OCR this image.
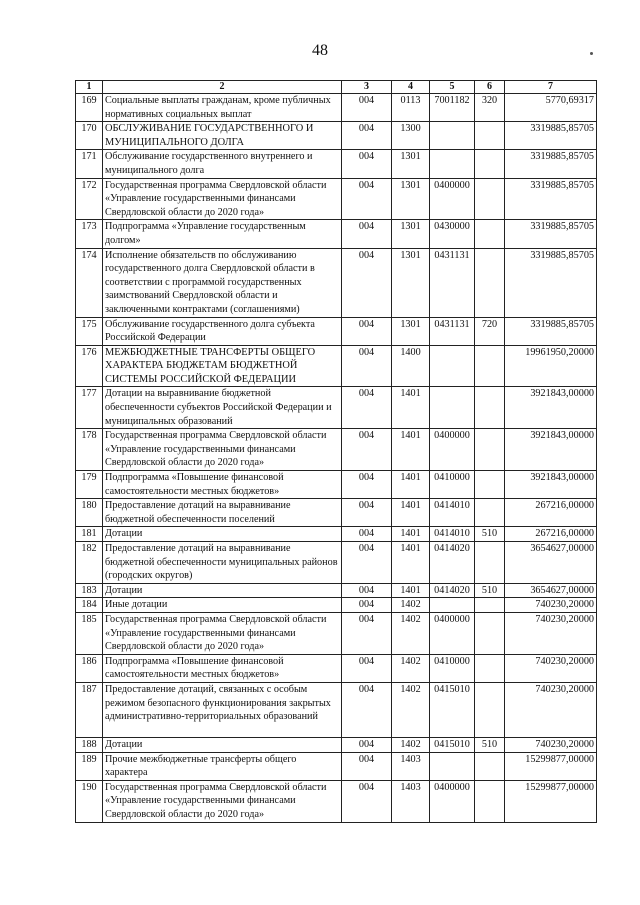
48
1	2	3	4	5	6	7
169	Социальные выплаты гражданам, кроме публичных нормативных социальных выплат	004	0113	7001182	320	5770,69317
170	ОБСЛУЖИВАНИЕ ГОСУДАРСТВЕННОГО И МУНИЦИПАЛЬНОГО ДОЛГА	004	1300			3319885,85705
171	Обслуживание государственного внутреннего и муниципального долга	004	1301			3319885,85705
172	Государственная программа Свердловской области «Управление государственными финансами Свердловской области до 2020 года»	004	1301	0400000		3319885,85705
173	Подпрограмма «Управление государственным долгом»	004	1301	0430000		3319885,85705
174	Исполнение обязательств по обслуживанию государственного долга Свердловской области в соответствии с программой государственных заимствований Свердловской области и заключенными контрактами (соглашениями)	004	1301	0431131		3319885,85705
175	Обслуживание государственного долга субъекта Российской Федерации	004	1301	0431131	720	3319885,85705
176	МЕЖБЮДЖЕТНЫЕ ТРАНСФЕРТЫ ОБЩЕГО ХАРАКТЕРА БЮДЖЕТАМ БЮДЖЕТНОЙ СИСТЕМЫ РОССИЙСКОЙ ФЕДЕРАЦИИ	004	1400			19961950,20000
177	Дотации на выравнивание бюджетной обеспеченности субъектов Российской Федерации и муниципальных образований	004	1401			3921843,00000
178	Государственная программа Свердловской области «Управление государственными финансами Свердловской области до 2020 года»	004	1401	0400000		3921843,00000
179	Подпрограмма «Повышение финансовой самостоятельности местных бюджетов»	004	1401	0410000		3921843,00000
180	Предоставление дотаций на выравнивание бюджетной обеспеченности поселений	004	1401	0414010		267216,00000
181	Дотации	004	1401	0414010	510	267216,00000
182	Предоставление дотаций на выравнивание бюджетной обеспеченности муниципальных районов (городских округов)	004	1401	0414020		3654627,00000
183	Дотации	004	1401	0414020	510	3654627,00000
184	Иные дотации	004	1402			740230,20000
185	Государственная программа Свердловской области «Управление государственными финансами Свердловской области до 2020 года»	004	1402	0400000		740230,20000
186	Подпрограмма «Повышение финансовой самостоятельности местных бюджетов»	004	1402	0410000		740230,20000
187	Предоставление дотаций, связанных с особым режимом безопасного функционирования закрытых административно-территориальных образований	004	1402	0415010		740230,20000
188	Дотации	004	1402	0415010	510	740230,20000
189	Прочие межбюджетные трансферты общего характера	004	1403			15299877,00000
190	Государственная программа Свердловской области «Управление государственными финансами Свердловской области до 2020 года»	004	1403	0400000		15299877,00000
